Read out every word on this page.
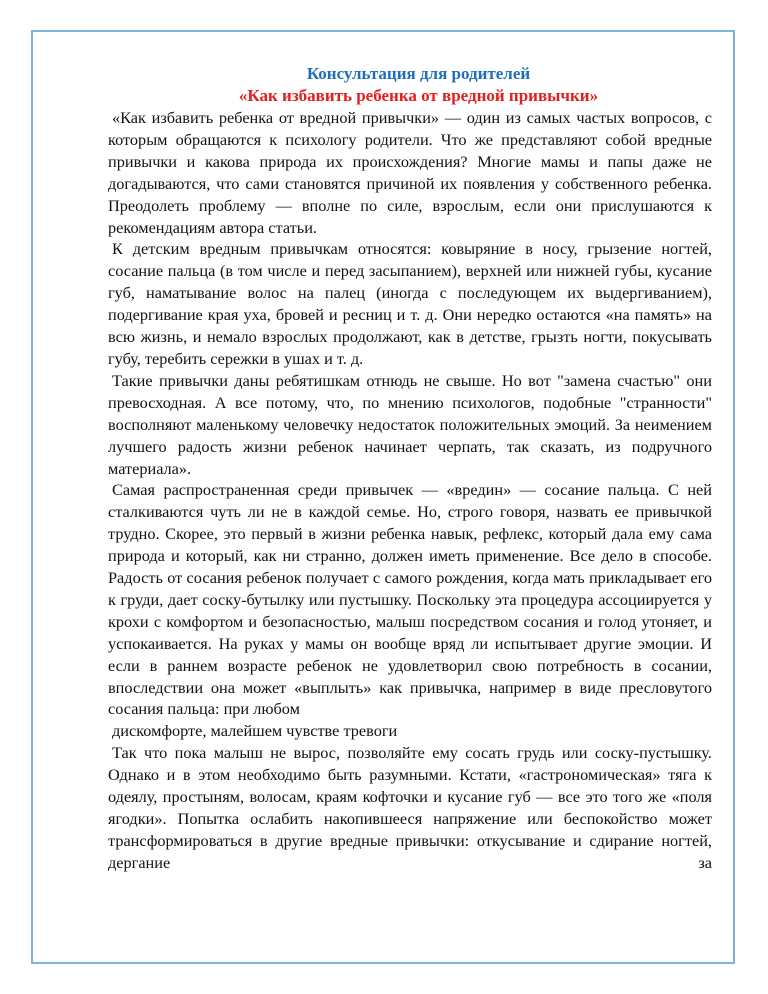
Консультация для родителей

«Как избавить ребенка от вредной привычки»

«Как избавить ребенка от вредной привычки» — один из самых частых вопросов, с которым обращаются к психологу родители. Что же представляют собой вредные привычки и какова природа их происхождения? Многие мамы и папы даже не догадываются, что сами становятся причиной их появления у собственного ребенка. Преодолеть проблему — вполне по силе, взрослым, если они прислушаются к рекомендациям автора статьи.

К детским вредным привычкам относятся: ковыряние в носу, грызение ногтей, сосание пальца (в том числе и перед засыпанием), верхней или нижней губы, кусание губ, наматывание волос на палец (иногда с последующем их выдергиванием), подергивание края уха, бровей и ресниц и т. д. Они нередко остаются «на память» на всю жизнь, и немало взрослых продолжают, как в детстве, грызть ногти, покусывать губу, теребить сережки в ушах и т. д.

Такие привычки даны ребятишкам отнюдь не свыше. Но вот "замена счастью" они превосходная. А все потому, что, по мнению психологов, подобные "странности" восполняют маленькому человечку недостаток положительных эмоций. За неимением лучшего радость жизни ребенок начинает черпать, так сказать, из подручного материала».

Самая распространенная среди привычек — «вредин» — сосание пальца. С ней сталкиваются чуть ли не в каждой семье. Но, строго говоря, назвать ее привычкой трудно. Скорее, это первый в жизни ребенка навык, рефлекс, который дала ему сама природа и который, как ни странно, должен иметь применение. Все дело в способе. Радость от сосания ребенок получает с самого рождения, когда мать прикладывает его к груди, дает соску-бутылку или пустышку. Поскольку эта процедура ассоциируется у крохи с комфортом и безопасностью, малыш посредством сосания и голод утоняет, и успокаивается. На руках у мамы он вообще вряд ли испытывает другие эмоции. И если в раннем возрасте ребенок не удовлетворил свою потребность в сосании, впоследствии она может «выплыть» как привычка, например в виде пресловутого сосания пальца: при любом

дискомфорте, малейшем чувстве тревоги

Так что пока малыш не вырос, позволяйте ему сосать грудь или соску-пустышку. Однако и в этом необходимо быть разумными. Кстати, «гастрономическая» тяга к одеялу, простыням, волосам, краям кофточки и кусание губ — все это того же «поля ягодки». Попытка ослабить накопившееся напряжение или беспокойство может трансформироваться в другие вредные привычки: откусывание и сдирание ногтей, дергание за
